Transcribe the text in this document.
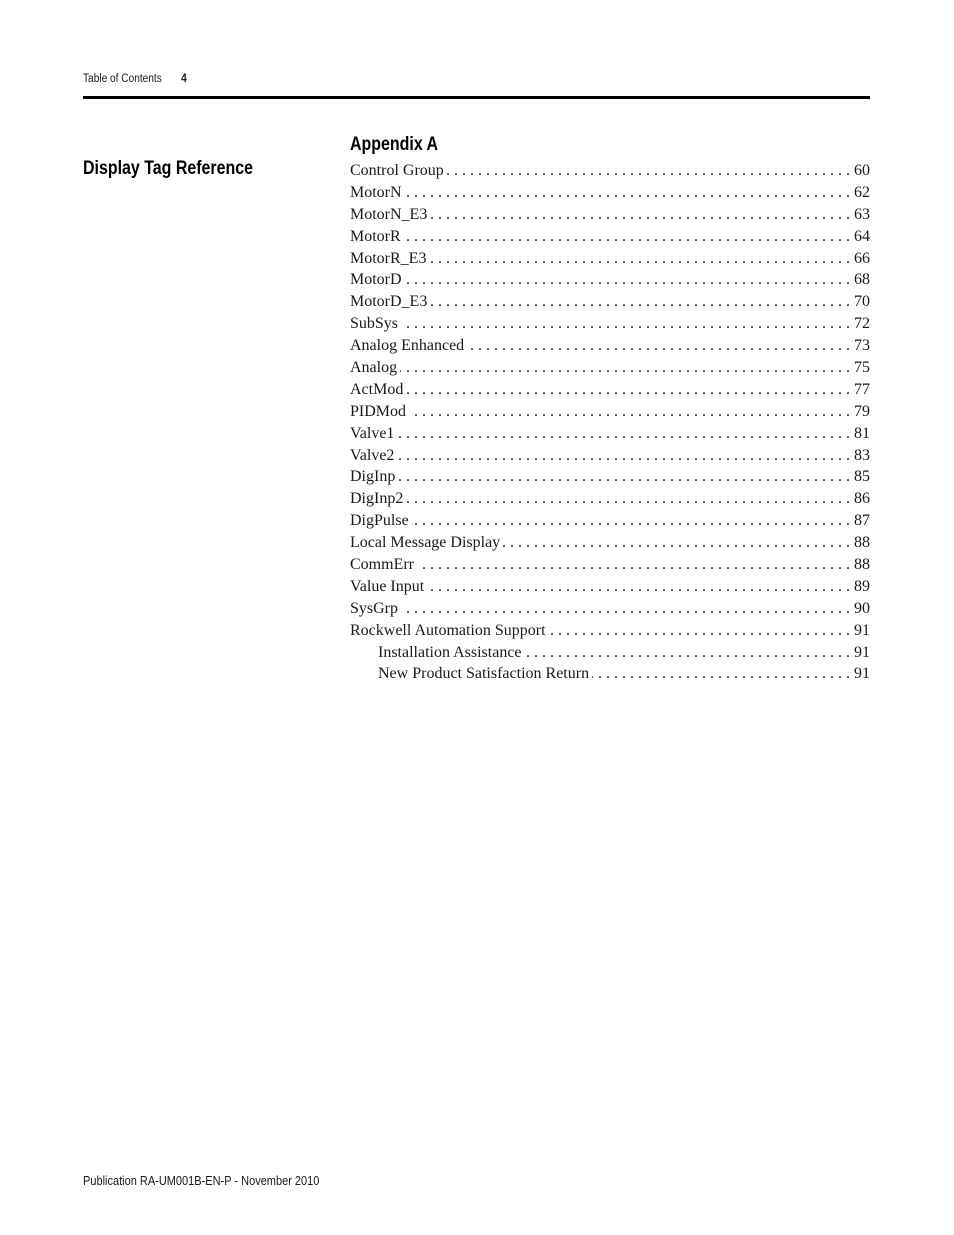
Table of Contents 4
Display Tag Reference
Appendix A
Control Group . . .	60
MotorN . . .	62
MotorN_E3 . . .	63
MotorR . . .	64
MotorR_E3 . . .	66
MotorD . . .	68
MotorD_E3 . . .	70
SubSys . . .	72
Analog Enhanced . . .	73
Analog . . .	75
ActMod . . .	77
PIDMod . . .	79
Valve1 . . .	81
Valve2 . . .	83
DigInp . . .	85
DigInp2 . . .	86
DigPulse . . .	87
Local Message Display . . .	88
CommErr . . .	88
Value Input . . .	89
SysGrp . . .	90
Rockwell Automation Support . . .	91
Installation Assistance . . .	91
New Product Satisfaction Return . . .	91
Publication RA-UM001B-EN-P - November 2010
